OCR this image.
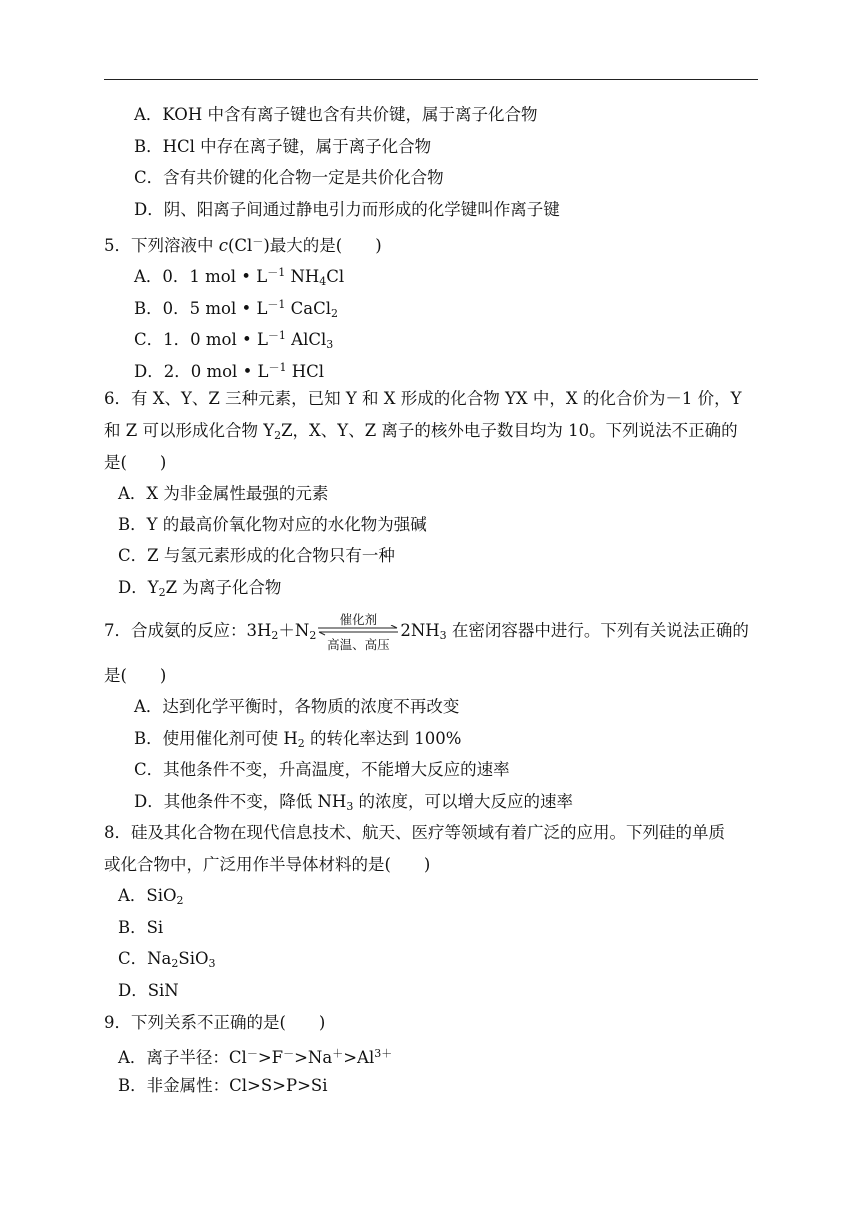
A．KOH 中含有离子键也含有共价键，属于离子化合物
B．HCl 中存在离子键，属于离子化合物
C．含有共价键的化合物一定是共价化合物
D．阴、阳离子间通过静电引力而形成的化学键叫作离子键
5．下列溶液中 c(Cl－)最大的是(　　)
A．0．1 mol • $L^{-1}$ $NH_4Cl$
B．0．5 mol • $L^{-1}$ CaCl$_2$
C．1．0 mol • $L^{-1}$ AlCl$_3$
D．2．0 mol • $L^{-1}$ HCl
6．有 X、Y、Z 三种元素，已知 Y 和 X 形成的化合物 YX 中，X 的化合价为－1 价，Y
和 Z 可以形成化合物 $Y_2Z$，X、Y、Z 离子的核外电子数目均为 10。下列说法不正确的
是(　　)
A．X 为非金属性最强的元素
B．Y 的最高价氧化物对应的水化物为强碱
C．Z 与氢元素形成的化合物只有一种
D．$Y_2Z$ 为离子化合物
7．合成氨的反应：$3H_2+N_2$
催化剂
高温、高压
$2NH_3$ 在密闭容器中进行。下列有关说法正确的
是(　　)
A．达到化学平衡时，各物质的浓度不再改变
B．使用催化剂可使 $H_2$ 的转化率达到 100%
C．其他条件不变，升高温度，不能增大反应的速率
D．其他条件不变，降低 $NH_3$ 的浓度，可以增大反应的速率
8．硅及其化合物在现代信息技术、航天、医疗等领域有着广泛的应用。下列硅的单质
或化合物中，广泛用作半导体材料的是(　　)
A．SiO$_2$
B．Si
C．$Na_2SiO_3$
D．SiN
9．下列关系不正确的是(　　)
A．离子半径：$Cl^->F^->Na^+>Al^{3+}$
B．非金属性：Cl>S>P>Si
